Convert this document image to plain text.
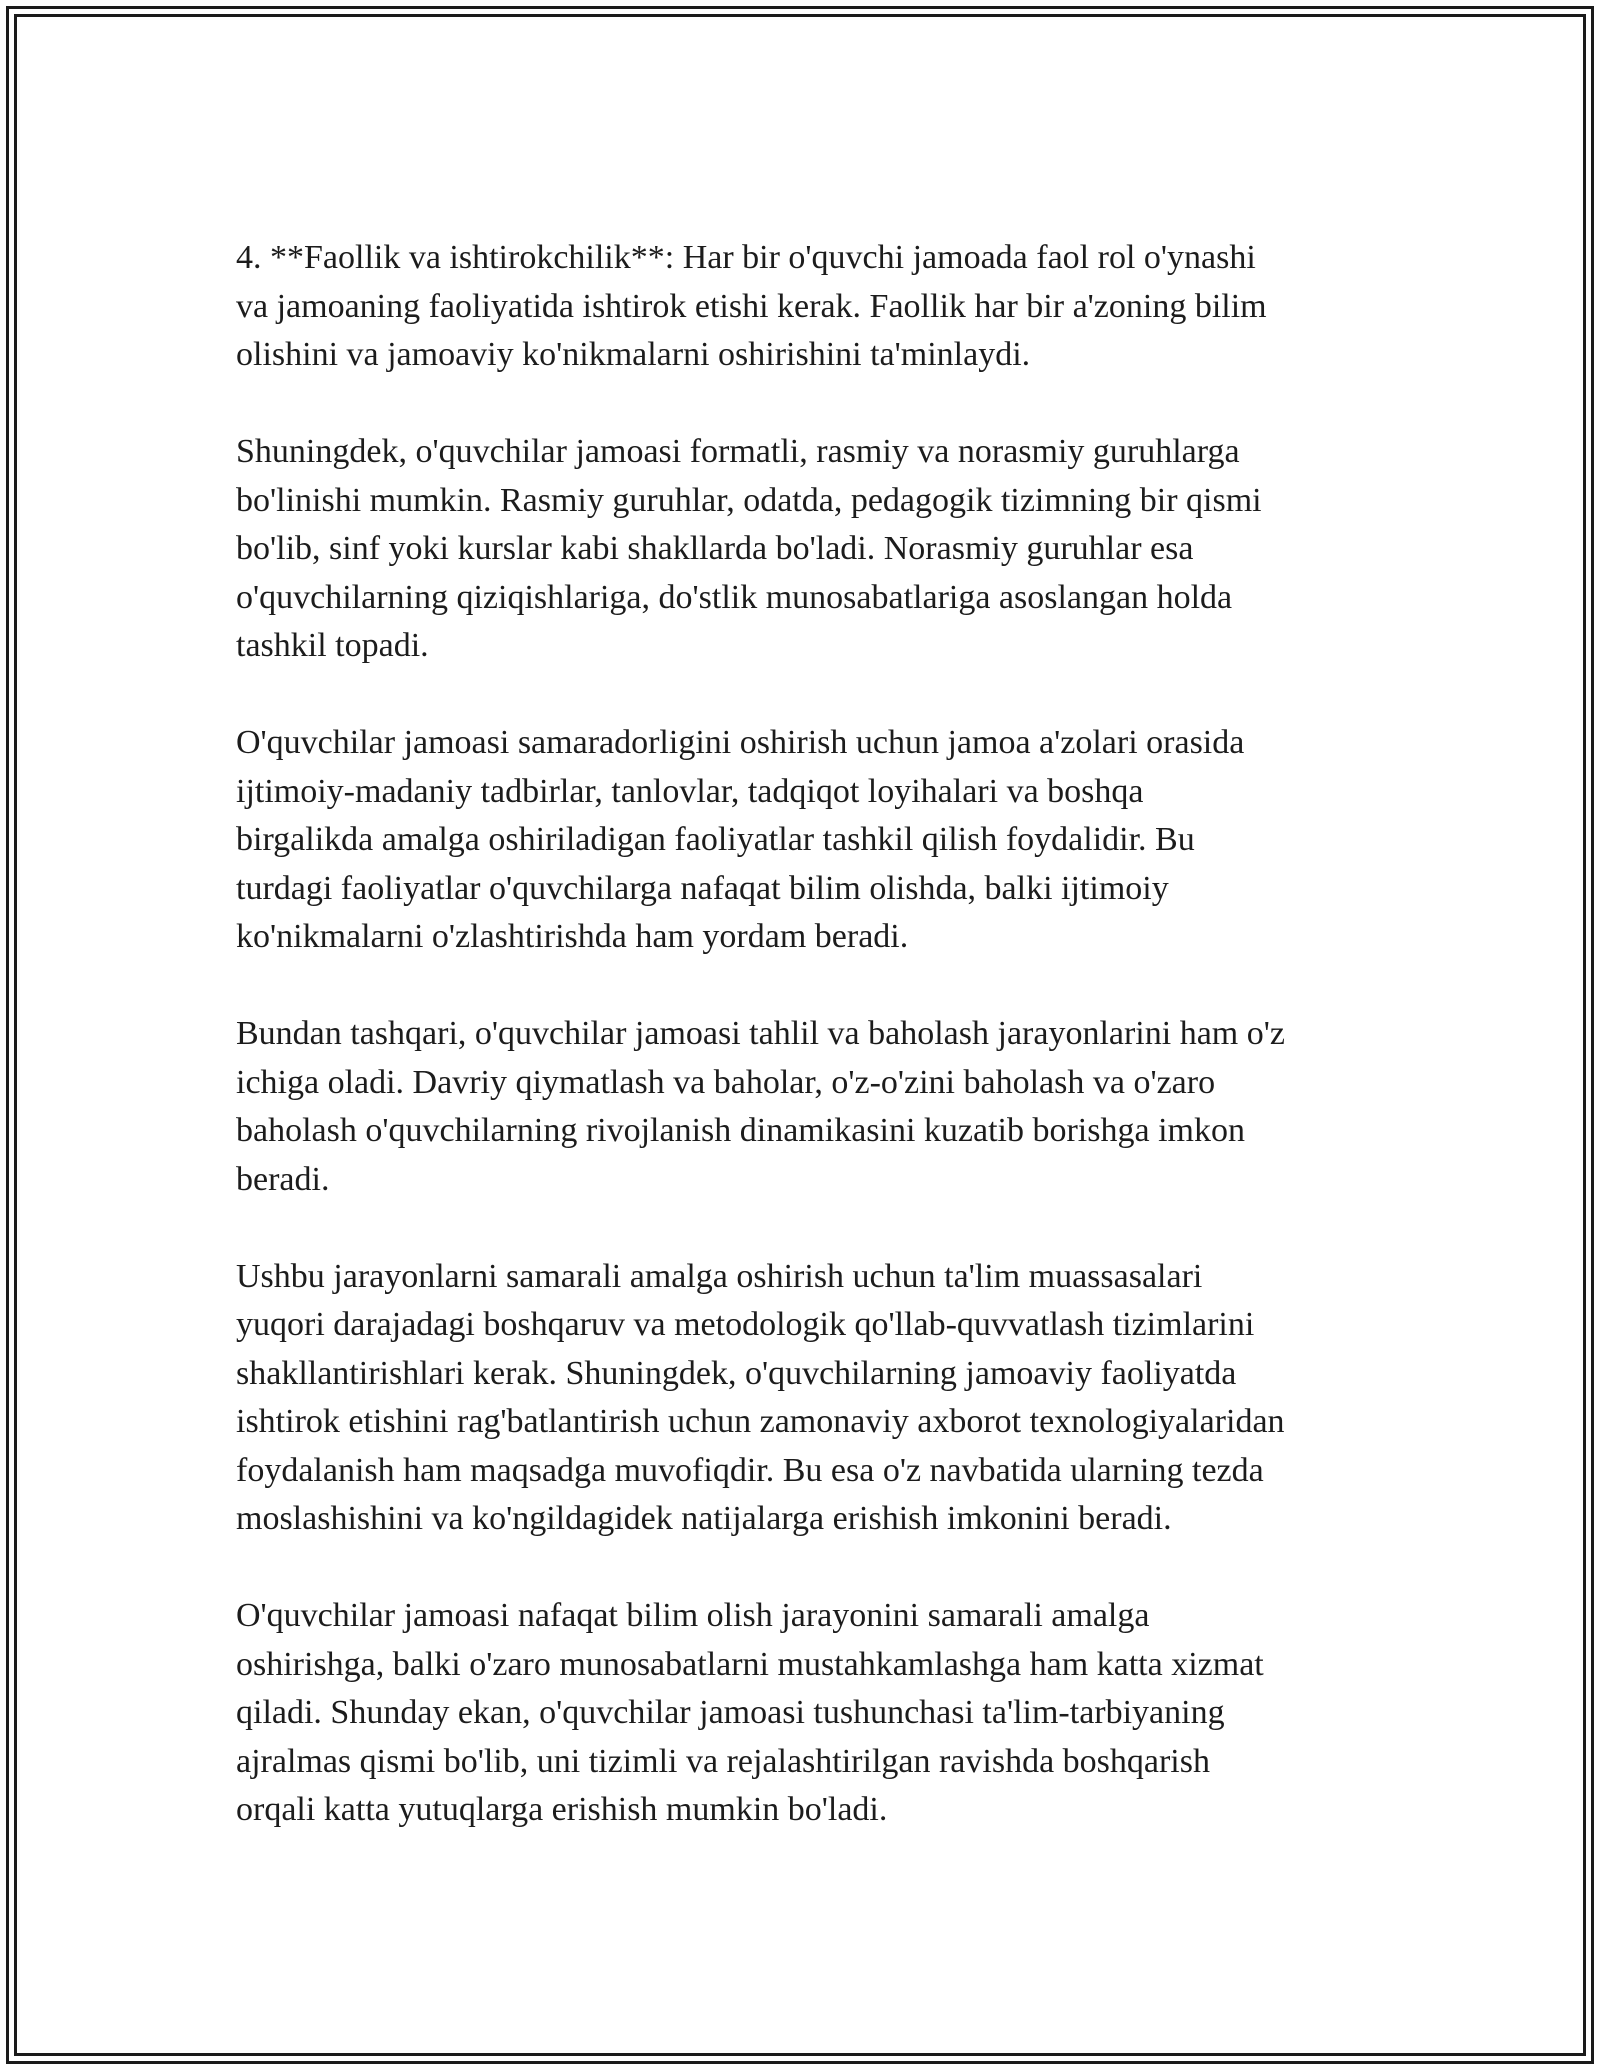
4. **Faollik va ishtirokchilik**: Har bir o'quvchi jamoada faol rol o'ynashi
va jamoaning faoliyatida ishtirok etishi kerak. Faollik har bir a'zoning bilim
olishini va jamoaviy ko'nikmalarni oshirishini ta'minlaydi.

Shuningdek, o'quvchilar jamoasi formatli, rasmiy va norasmiy guruhlarga
bo'linishi mumkin. Rasmiy guruhlar, odatda, pedagogik tizimning bir qismi
bo'lib, sinf yoki kurslar kabi shakllarda bo'ladi. Norasmiy guruhlar esa
o'quvchilarning qiziqishlariga, do'stlik munosabatlariga asoslangan holda
tashkil topadi.

O'quvchilar jamoasi samaradorligini oshirish uchun jamoa a'zolari orasida
ijtimoiy-madaniy tadbirlar, tanlovlar, tadqiqot loyihalari va boshqa
birgalikda amalga oshiriladigan faoliyatlar tashkil qilish foydalidir. Bu
turdagi faoliyatlar o'quvchilarga nafaqat bilim olishda, balki ijtimoiy
ko'nikmalarni o'zlashtirishda ham yordam beradi.

Bundan tashqari, o'quvchilar jamoasi tahlil va baholash jarayonlarini ham o'z
ichiga oladi. Davriy qiymatlash va baholar, o'z-o'zini baholash va o'zaro
baholash o'quvchilarning rivojlanish dinamikasini kuzatib borishga imkon
beradi.

Ushbu jarayonlarni samarali amalga oshirish uchun ta'lim muassasalari
yuqori darajadagi boshqaruv va metodologik qo'llab-quvvatlash tizimlarini
shakllantirishlari kerak. Shuningdek, o'quvchilarning jamoaviy faoliyatda
ishtirok etishini rag'batlantirish uchun zamonaviy axborot texnologiyalaridan
foydalanish ham maqsadga muvofiqdir. Bu esa o'z navbatida ularning tezda
moslashishini va ko'ngildagidek natijalarga erishish imkonini beradi.

O'quvchilar jamoasi nafaqat bilim olish jarayonini samarali amalga
oshirishga, balki o'zaro munosabatlarni mustahkamlashga ham katta xizmat
qiladi. Shunday ekan, o'quvchilar jamoasi tushunchasi ta'lim-tarbiyaning
ajralmas qismi bo'lib, uni tizimli va rejalashtirilgan ravishda boshqarish
orqali katta yutuqlarga erishish mumkin bo'ladi.
